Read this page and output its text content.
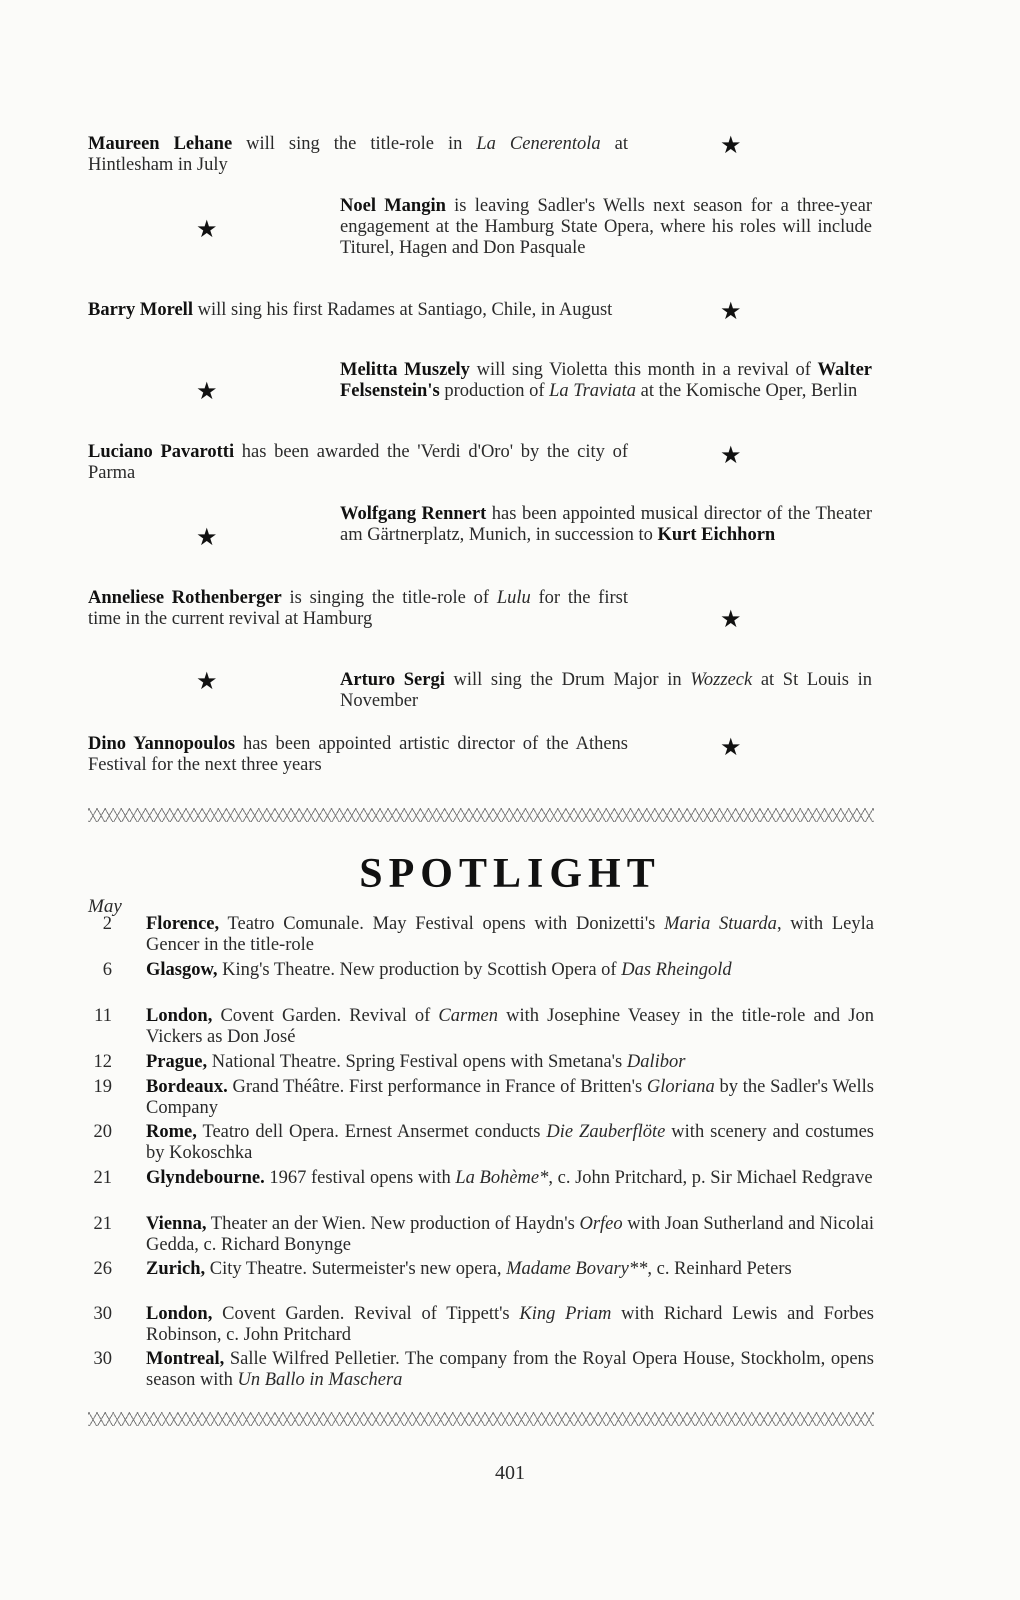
Maureen Lehane will sing the title-role in La Cenerentola at Hintlesham in July
★
★
Noel Mangin is leaving Sadler's Wells next season for a three-year engagement at the Hamburg State Opera, where his roles will include Titurel, Hagen and Don Pasquale
Barry Morell will sing his first Radames at Santiago, Chile, in August	★
★
Melitta Muszely will sing Violetta this month in a revival of Walter Felsenstein's production of La Traviata at the Komische Oper, Berlin
Luciano Pavarotti has been awarded the 'Verdi d'Oro' by the city of Parma
★
★
Wolfgang Rennert has been appointed musical director of the Theater am Gärtnerplatz, Munich, in succession to Kurt Eichhorn
Anneliese Rothenberger is singing the title-role of Lulu for the first time in the current revival at Hamburg	★
★	Arturo Sergi will sing the Drum Major in Wozzeck at St Louis in November
Dino Yannopoulos has been appointed artistic director of the Athens Festival for the next three years
★
SPOTLIGHT
May
2 Florence, Teatro Comunale. May Festival opens with Donizetti's Maria Stuarda, with Leyla Gencer in the title-role
6 Glasgow, King's Theatre. New production by Scottish Opera of Das Rheingold
11 London, Covent Garden. Revival of Carmen with Josephine Veasey in the title-role and Jon Vickers as Don José
12 Prague, National Theatre. Spring Festival opens with Smetana's Dalibor
19 Bordeaux. Grand Théâtre. First performance in France of Britten's Gloriana by the Sadler's Wells Company
20 Rome, Teatro dell Opera. Ernest Ansermet conducts Die Zauberflöte with scenery and costumes by Kokoschka
21 Glyndebourne. 1967 festival opens with La Bohème*, c. John Pritchard, p. Sir Michael Redgrave
21 Vienna, Theater an der Wien. New production of Haydn's Orfeo with Joan Sutherland and Nicolai Gedda, c. Richard Bonynge
26 Zurich, City Theatre. Sutermeister's new opera, Madame Bovary**, c. Reinhard Peters
30 London, Covent Garden. Revival of Tippett's King Priam with Richard Lewis and Forbes Robinson, c. John Pritchard
30 Montreal, Salle Wilfred Pelletier. The company from the Royal Opera House, Stockholm, opens season with Un Ballo in Maschera
401
